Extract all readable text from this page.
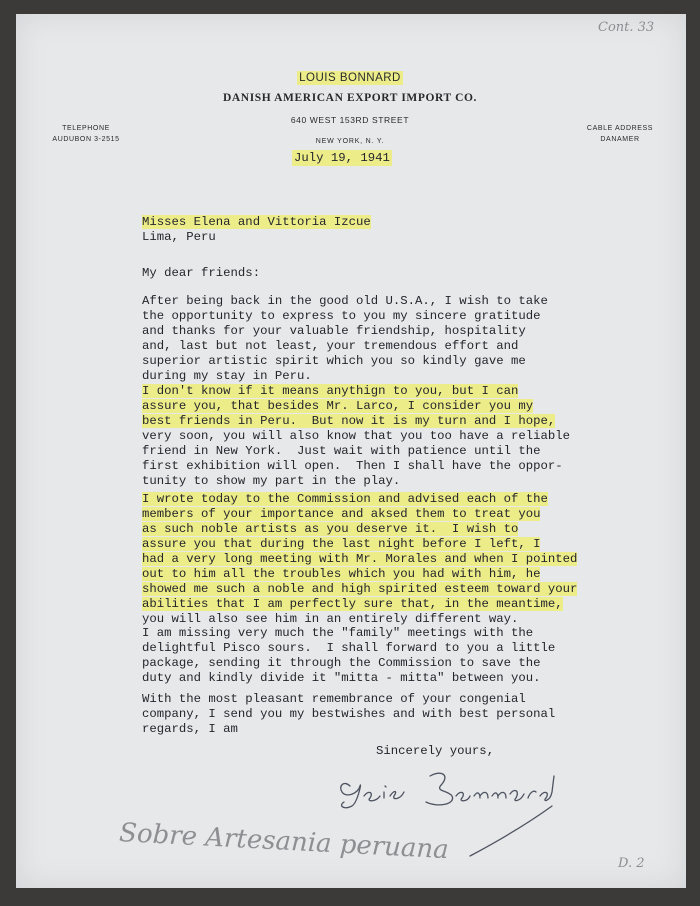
Cont. 33
LOUIS BONNARD
DANISH AMERICAN EXPORT IMPORT CO.
640 WEST 153RD STREET
NEW YORK, N. Y.
TELEPHONE
AUDUBON 3-2515
CABLE ADDRESS
DANAMER
July 19, 1941
Misses Elena and Vittoria Izcue
Lima, Peru
My dear friends:
After being back in the good old U.S.A., I wish to take
the opportunity to express to you my sincere gratitude
and thanks for your valuable friendship, hospitality
and, last but not least, your tremendous effort and
superior artistic spirit which you so kindly gave me
during my stay in Peru.
I don't know if it means anythign to you, but I can
assure you, that besides Mr. Larco, I consider you my
best friends in Peru.  But now it is my turn and I hope,
very soon, you will also know that you too have a reliable
friend in New York.  Just wait with patience until the
first exhibition will open.  Then I shall have the oppor-
tunity to show my part in the play.
I wrote today to the Commission and advised each of the
members of your importance and aksed them to treat you
as such noble artists as you deserve it.  I wish to
assure you that during the last night before I left, I
had a very long meeting with Mr. Morales and when I pointed
out to him all the troubles which you had with him, he
showed me such a noble and high spirited esteem toward your
abilities that I am perfectly sure that, in the meantime,
you will also see him in an entirely different way.
I am missing very much the "family" meetings with the
delightful Pisco sours.  I shall forward to you a little
package, sending it through the Commission to save the
duty and kindly divide it "mitta - mitta" between you.
With the most pleasant remembrance of your congenial
company, I send you my bestwishes and with best personal
regards, I am
Sincerely yours,
Sobre Artesania peruana	D. 2
